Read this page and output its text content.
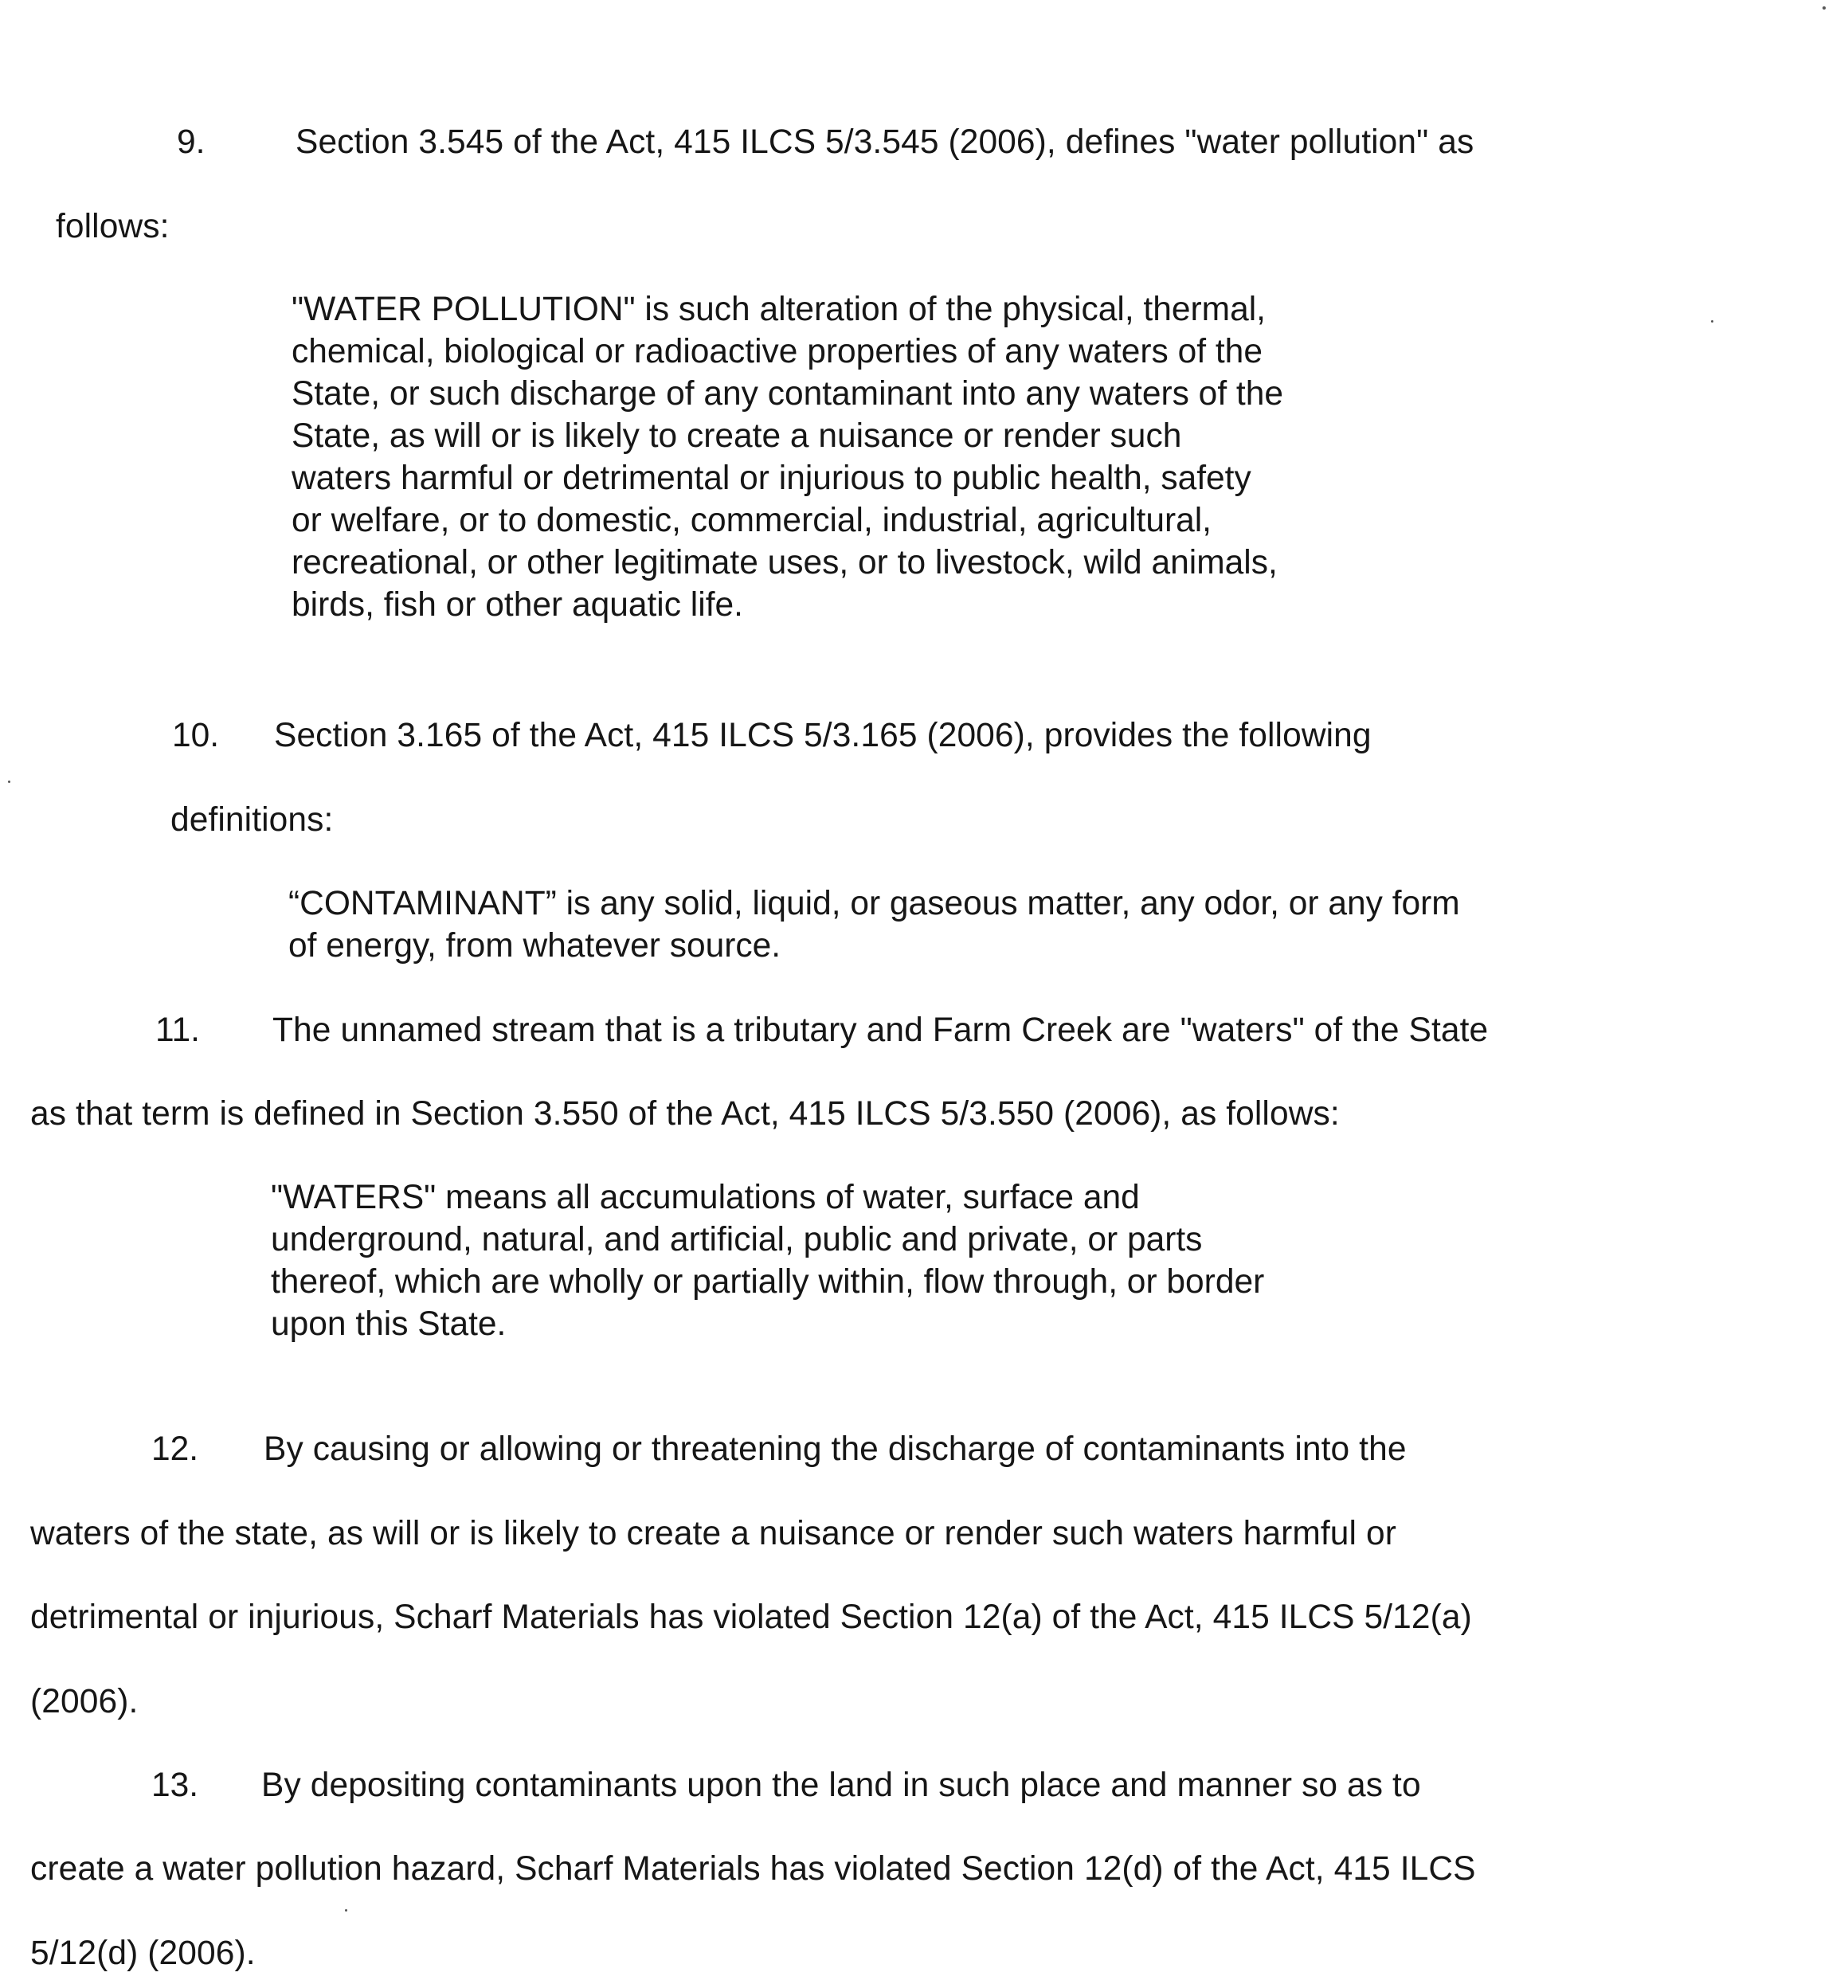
9.	Section 3.545 of the Act, 415 ILCS 5/3.545 (2006), defines "water pollution" as
follows:
"WATER POLLUTION" is such alteration of the physical, thermal,
chemical, biological or radioactive properties of any waters of the
State, or such discharge of any contaminant into any waters of the
State, as will or is likely to create a nuisance or render such
waters harmful or detrimental or injurious to public health, safety
or welfare, or to domestic, commercial, industrial, agricultural,
recreational, or other legitimate uses, or to livestock, wild animals,
birds, fish or other aquatic life.
10. Section 3.165 of the Act, 415 ILCS 5/3.165 (2006), provides the following
definitions:
“CONTAMINANT” is any solid, liquid, or gaseous matter, any odor, or any form
of energy, from whatever source.
11. The unnamed stream that is a tributary and Farm Creek are "waters" of the State
as that term is defined in Section 3.550 of the Act, 415 ILCS 5/3.550 (2006), as follows:
"WATERS" means all accumulations of water, surface and
underground, natural, and artificial, public and private, or parts
thereof, which are wholly or partially within, flow through, or border
upon this State.
12. By causing or allowing or threatening the discharge of contaminants into the
waters of the state, as will or is likely to create a nuisance or render such waters harmful or
detrimental or injurious, Scharf Materials has violated Section 12(a) of the Act, 415 ILCS 5/12(a)
(2006).
13. By depositing contaminants upon the land in such place and manner so as to
create a water pollution hazard, Scharf Materials has violated Section 12(d) of the Act, 415 ILCS
5/12(d) (2006).
